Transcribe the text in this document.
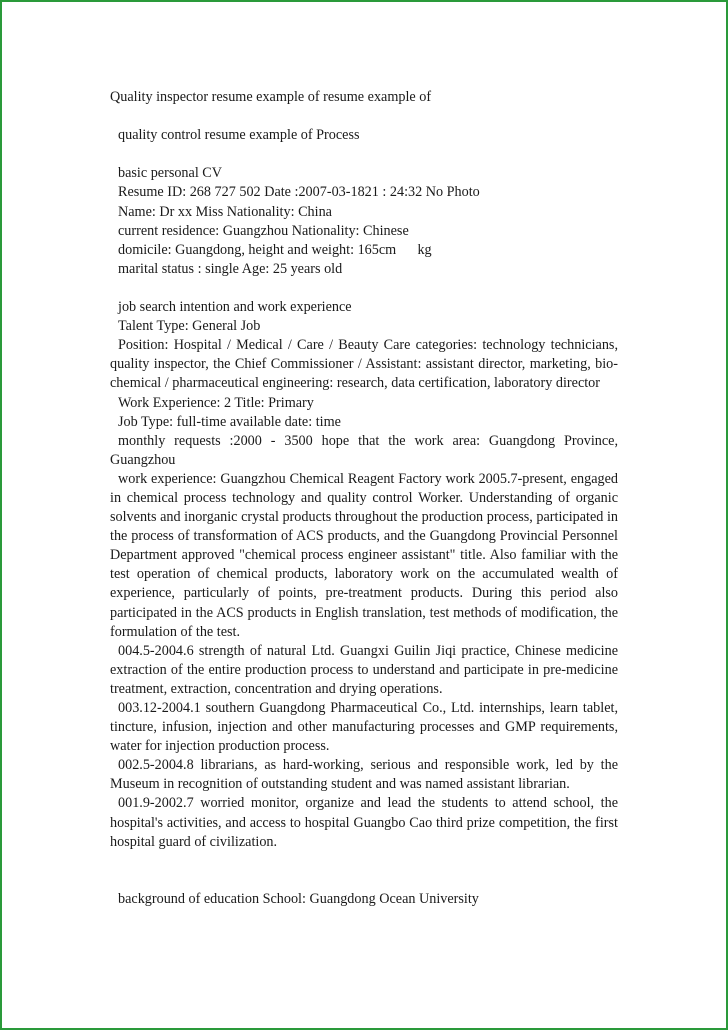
Quality inspector resume example of resume example of

quality control resume example of Process

basic personal CV

Resume ID: 268 727 502 Date :2007-03-1821 : 24:32 No Photo

Name: Dr xx Miss Nationality: China

current residence: Guangzhou Nationality: Chinese

domicile: Guangdong, height and weight: 165cm      kg

marital status : single Age: 25 years old

job search intention and work experience

Talent Type: General Job

Position: Hospital / Medical / Care / Beauty Care categories: technology technicians, quality inspector, the Chief Commissioner / Assistant: assistant director, marketing, bio-chemical / pharmaceutical engineering: research, data certification, laboratory director

Work Experience: 2 Title: Primary

Job Type: full-time available date: time

monthly requests :2000 - 3500 hope that the work area: Guangdong Province, Guangzhou

work experience: Guangzhou Chemical Reagent Factory work 2005.7-present, engaged in chemical process technology and quality control Worker. Understanding of organic solvents and inorganic crystal products throughout the production process, participated in the process of transformation of ACS products, and the Guangdong Provincial Personnel Department approved "chemical process engineer assistant" title. Also familiar with the test operation of chemical products, laboratory work on the accumulated wealth of experience, particularly of points, pre-treatment products. During this period also participated in the ACS products in English translation, test methods of modification, the formulation of the test.

004.5-2004.6 strength of natural Ltd. Guangxi Guilin Jiqi practice, Chinese medicine extraction of the entire production process to understand and participate in pre-medicine treatment, extraction, concentration and drying operations.

003.12-2004.1 southern Guangdong Pharmaceutical Co., Ltd. internships, learn tablet, tincture, infusion, injection and other manufacturing processes and GMP requirements, water for injection production process.

002.5-2004.8 librarians, as hard-working, serious and responsible work, led by the Museum in recognition of outstanding student and was named assistant librarian.

001.9-2002.7 worried monitor, organize and lead the students to attend school, the hospital's activities, and access to hospital Guangbo Cao third prize competition, the first hospital guard of civilization.

background of education School: Guangdong Ocean University
